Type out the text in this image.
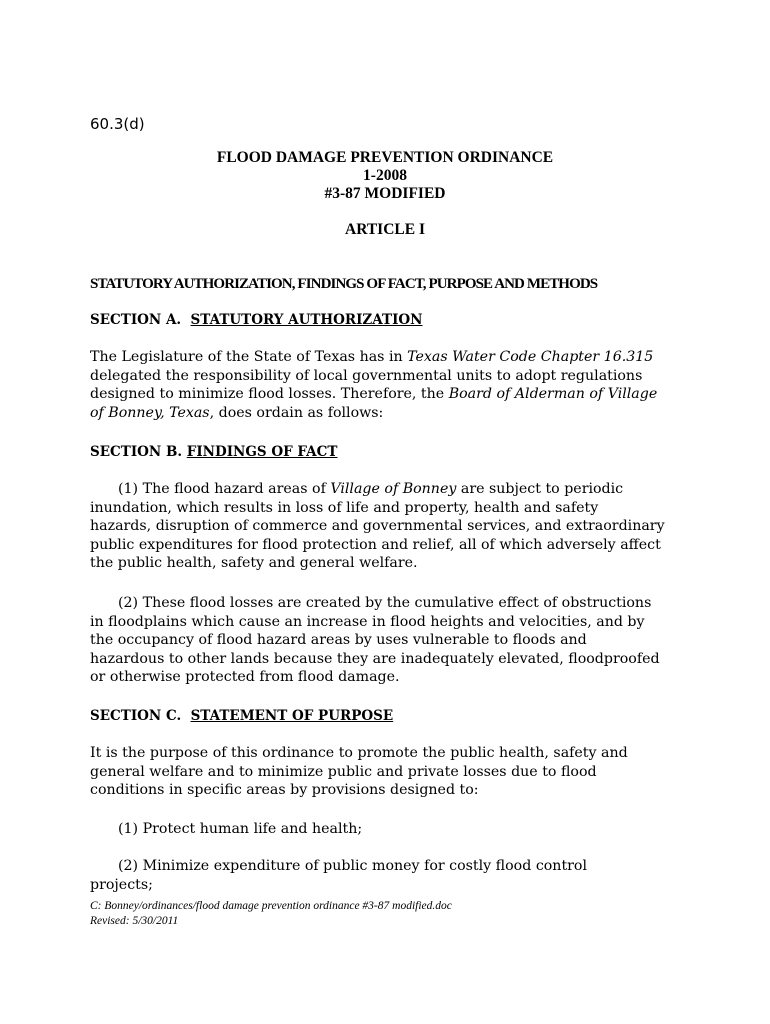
60.3(d)
FLOOD DAMAGE PREVENTION ORDINANCE
1-2008
#3-87 MODIFIED
ARTICLE I
STATUTORY AUTHORIZATION, FINDINGS OF FACT, PURPOSE AND METHODS
SECTION A. STATUTORY AUTHORIZATION
The Legislature of the State of Texas has in Texas Water Code Chapter 16.315
delegated the responsibility of local governmental units to adopt regulations
designed to minimize flood losses. Therefore, the Board of Alderman of Village
of Bonney, Texas, does ordain as follows:
SECTION B. FINDINGS OF FACT
(1) The flood hazard areas of Village of Bonney are subject to periodic
inundation, which results in loss of life and property, health and safety
hazards, disruption of commerce and governmental services, and extraordinary
public expenditures for flood protection and relief, all of which adversely affect
the public health, safety and general welfare.
(2) These flood losses are created by the cumulative effect of obstructions
in floodplains which cause an increase in flood heights and velocities, and by
the occupancy of flood hazard areas by uses vulnerable to floods and
hazardous to other lands because they are inadequately elevated, floodproofed
or otherwise protected from flood damage.
SECTION C. STATEMENT OF PURPOSE
It is the purpose of this ordinance to promote the public health, safety and
general welfare and to minimize public and private losses due to flood
conditions in specific areas by provisions designed to:
(1) Protect human life and health;
(2) Minimize expenditure of public money for costly flood control
projects;
C: Bonney/ordinances/flood damage prevention ordinance #3-87 modified.doc
Revised: 5/30/2011
